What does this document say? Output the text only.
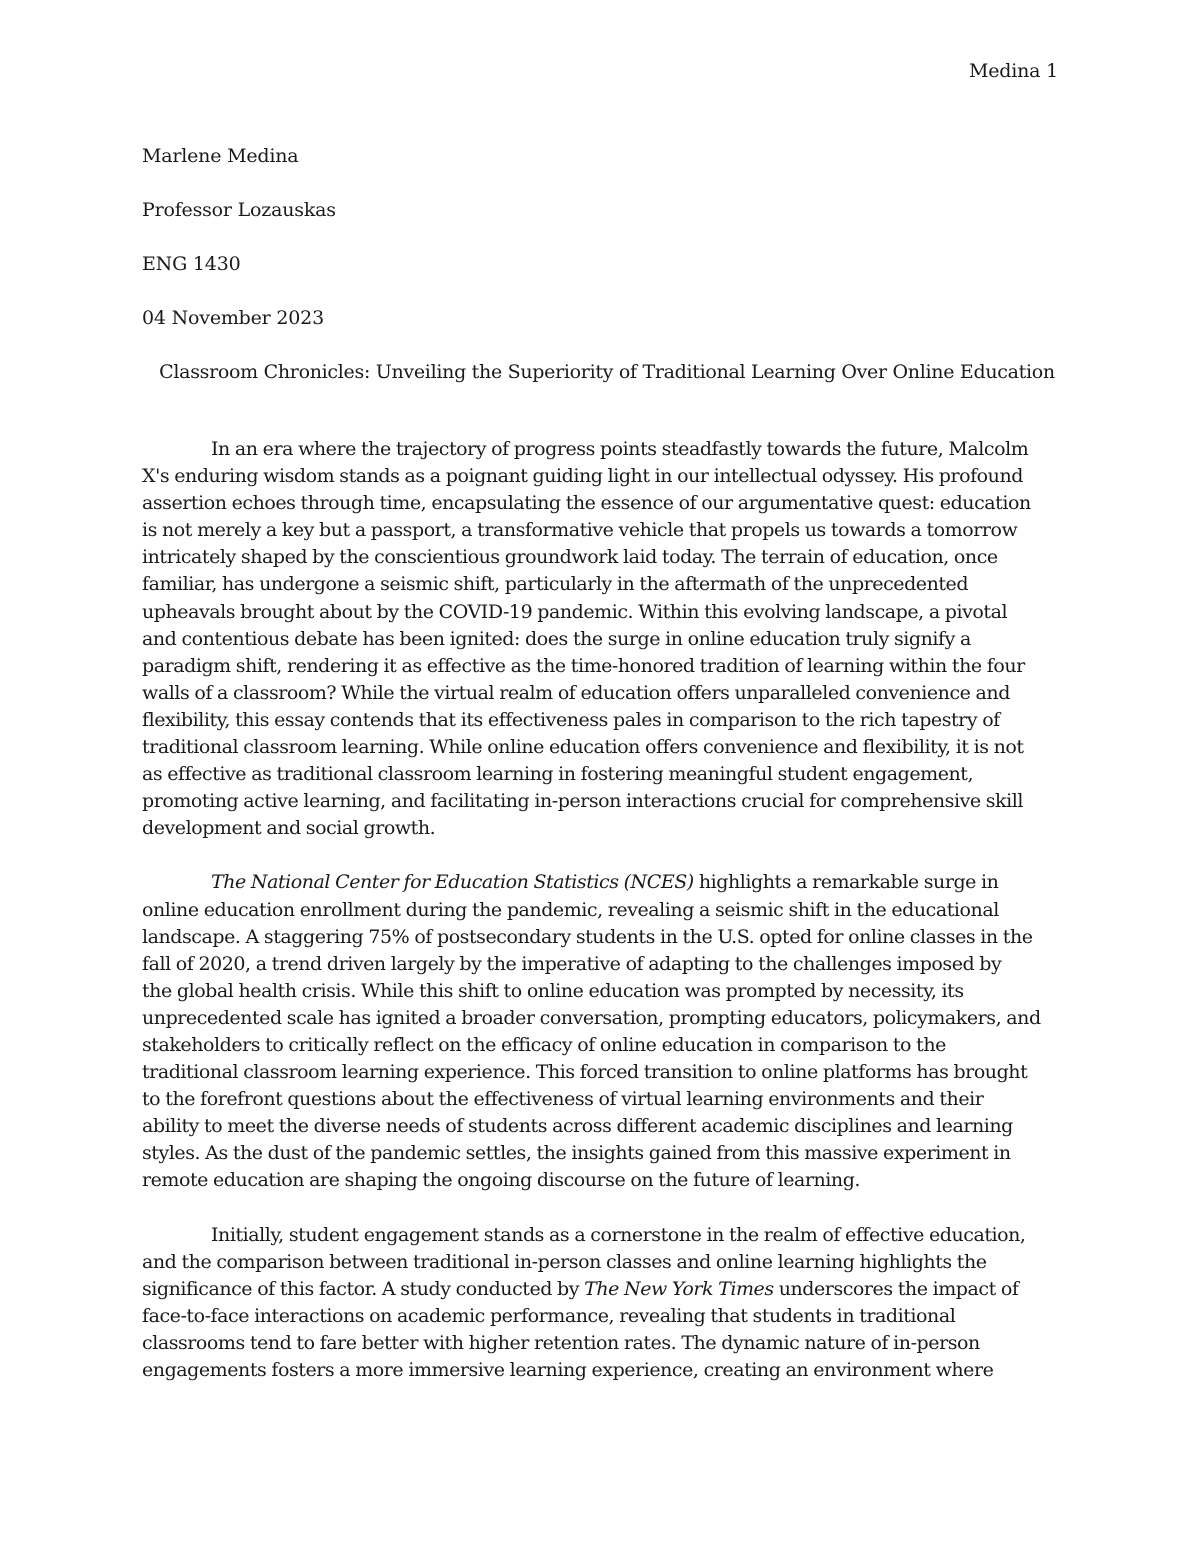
Medina 1
Marlene Medina
Professor Lozauskas
ENG 1430
04 November 2023
Classroom Chronicles: Unveiling the Superiority of Traditional Learning Over Online Education

In an era where the trajectory of progress points steadfastly towards the future, Malcolm
X's enduring wisdom stands as a poignant guiding light in our intellectual odyssey. His profound
assertion echoes through time, encapsulating the essence of our argumentative quest: education
is not merely a key but a passport, a transformative vehicle that propels us towards a tomorrow
intricately shaped by the conscientious groundwork laid today. The terrain of education, once
familiar, has undergone a seismic shift, particularly in the aftermath of the unprecedented
upheavals brought about by the COVID-19 pandemic. Within this evolving landscape, a pivotal
and contentious debate has been ignited: does the surge in online education truly signify a
paradigm shift, rendering it as effective as the time-honored tradition of learning within the four
walls of a classroom? While the virtual realm of education offers unparalleled convenience and
flexibility, this essay contends that its effectiveness pales in comparison to the rich tapestry of
traditional classroom learning. While online education offers convenience and flexibility, it is not
as effective as traditional classroom learning in fostering meaningful student engagement,
promoting active learning, and facilitating in-person interactions crucial for comprehensive skill
development and social growth.

The National Center for Education Statistics (NCES) highlights a remarkable surge in
online education enrollment during the pandemic, revealing a seismic shift in the educational
landscape. A staggering 75% of postsecondary students in the U.S. opted for online classes in the
fall of 2020, a trend driven largely by the imperative of adapting to the challenges imposed by
the global health crisis. While this shift to online education was prompted by necessity, its
unprecedented scale has ignited a broader conversation, prompting educators, policymakers, and
stakeholders to critically reflect on the efficacy of online education in comparison to the
traditional classroom learning experience. This forced transition to online platforms has brought
to the forefront questions about the effectiveness of virtual learning environments and their
ability to meet the diverse needs of students across different academic disciplines and learning
styles. As the dust of the pandemic settles, the insights gained from this massive experiment in
remote education are shaping the ongoing discourse on the future of learning.

Initially, student engagement stands as a cornerstone in the realm of effective education,
and the comparison between traditional in-person classes and online learning highlights the
significance of this factor. A study conducted by The New York Times underscores the impact of
face-to-face interactions on academic performance, revealing that students in traditional
classrooms tend to fare better with higher retention rates. The dynamic nature of in-person
engagements fosters a more immersive learning experience, creating an environment where
